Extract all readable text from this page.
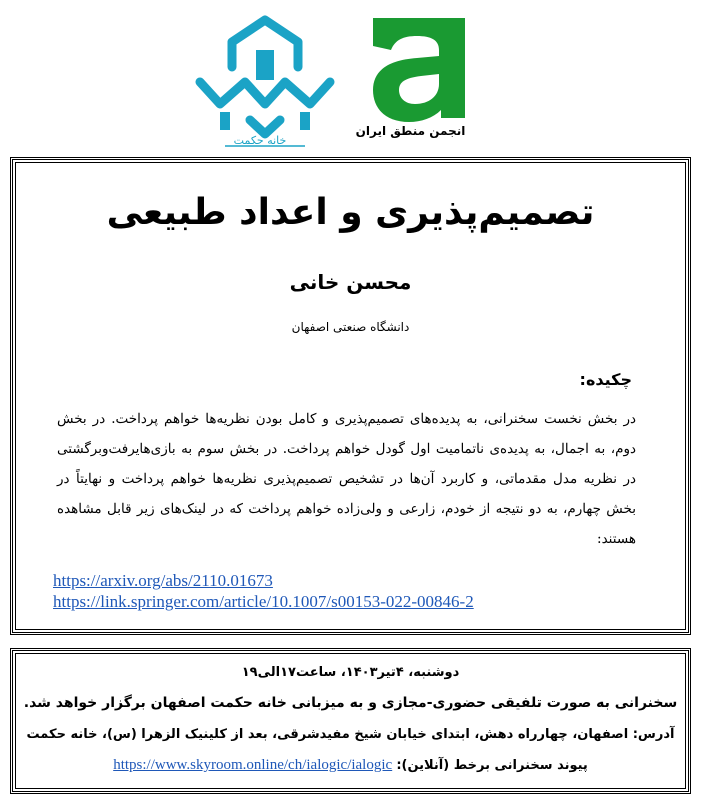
خانه حکمت
انجمن منطق ایران
تصمیم‌پذیری و اعداد طبیعی
محسن خانی
دانشگاه صنعتی اصفهان
چکیده:
در بخش نخست سخنرانی، به پدیده‌های تصمیم‌پذیری و کامل بودن نظریه‌ها خواهم پرداخت. در بخش دوم، به اجمال، به پدیده‌ی ناتمامیت اول گودل خواهم پرداخت. در بخش سوم به بازی‌هایرفت‌وبرگشتی در نظریه مدل مقدماتی، و کاربرد آن‌ها در تشخیص تصمیم‌پذیری نظریه‌ها خواهم پرداخت و نهایتاً در بخش چهارم، به دو نتیجه از خودم، زارعی و ولی‌زاده خواهم پرداخت که در لینک‌های زیر قابل مشاهده هستند:
https://arxiv.org/abs/2110.01673
https://link.springer.com/article/10.1007/s00153-022-00846-2
دوشنبه، ۴تیر۱۴۰۳، ساعت۱۷الی۱۹
سخنرانی به صورت تلفیقی حضوری-مجازی و به میزبانی خانه حکمت اصفهان برگزار خواهد شد.
آدرس: اصفهان، چهارراه دهش، ابتدای خیابان شیخ مفیدشرقی، بعد از کلینیک الزهرا (س)، خانه حکمت
پیوند سخنرانی برخط (آنلاین): https://www.skyroom.online/ch/ialogic/ialogic
